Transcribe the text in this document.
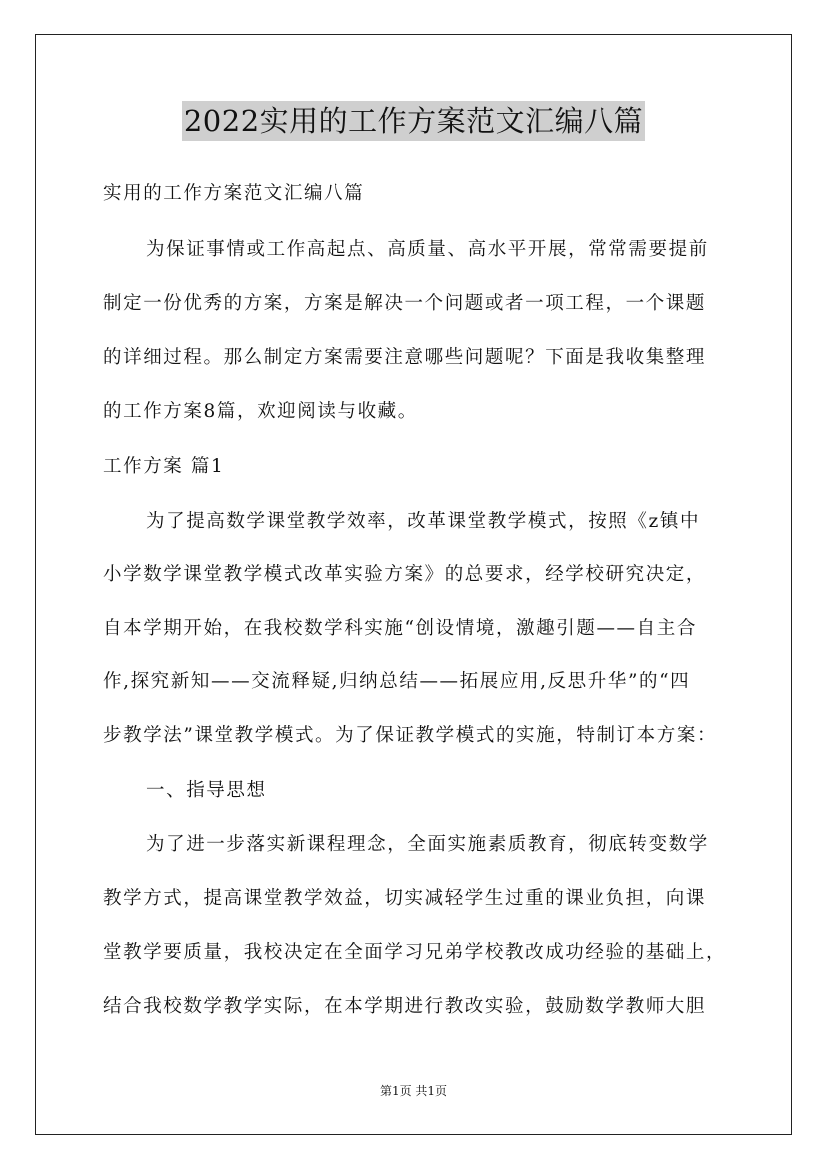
2022实用的工作方案范文汇编八篇
实用的工作方案范文汇编八篇
为保证事情或工作高起点、高质量、高水平开展，常常需要提前
制定一份优秀的方案，方案是解决一个问题或者一项工程，一个课题
的详细过程。那么制定方案需要注意哪些问题呢？下面是我收集整理
的工作方案8篇，欢迎阅读与收藏。
工作方案 篇1
为了提高数学课堂教学效率，改革课堂教学模式，按照《z镇中
小学数学课堂教学模式改革实验方案》的总要求，经学校研究决定，
自本学期开始，在我校数学科实施“创设情境，激趣引题——自主合
作,探究新知——交流释疑,归纳总结——拓展应用,反思升华”的“四
步教学法”课堂教学模式。为了保证教学模式的实施，特制订本方案：
一、指导思想
为了进一步落实新课程理念，全面实施素质教育，彻底转变数学
教学方式，提高课堂教学效益，切实减轻学生过重的课业负担，向课
堂教学要质量，我校决定在全面学习兄弟学校教改成功经验的基础上，
结合我校数学教学实际，在本学期进行教改实验，鼓励数学教师大胆
第1页 共1页
